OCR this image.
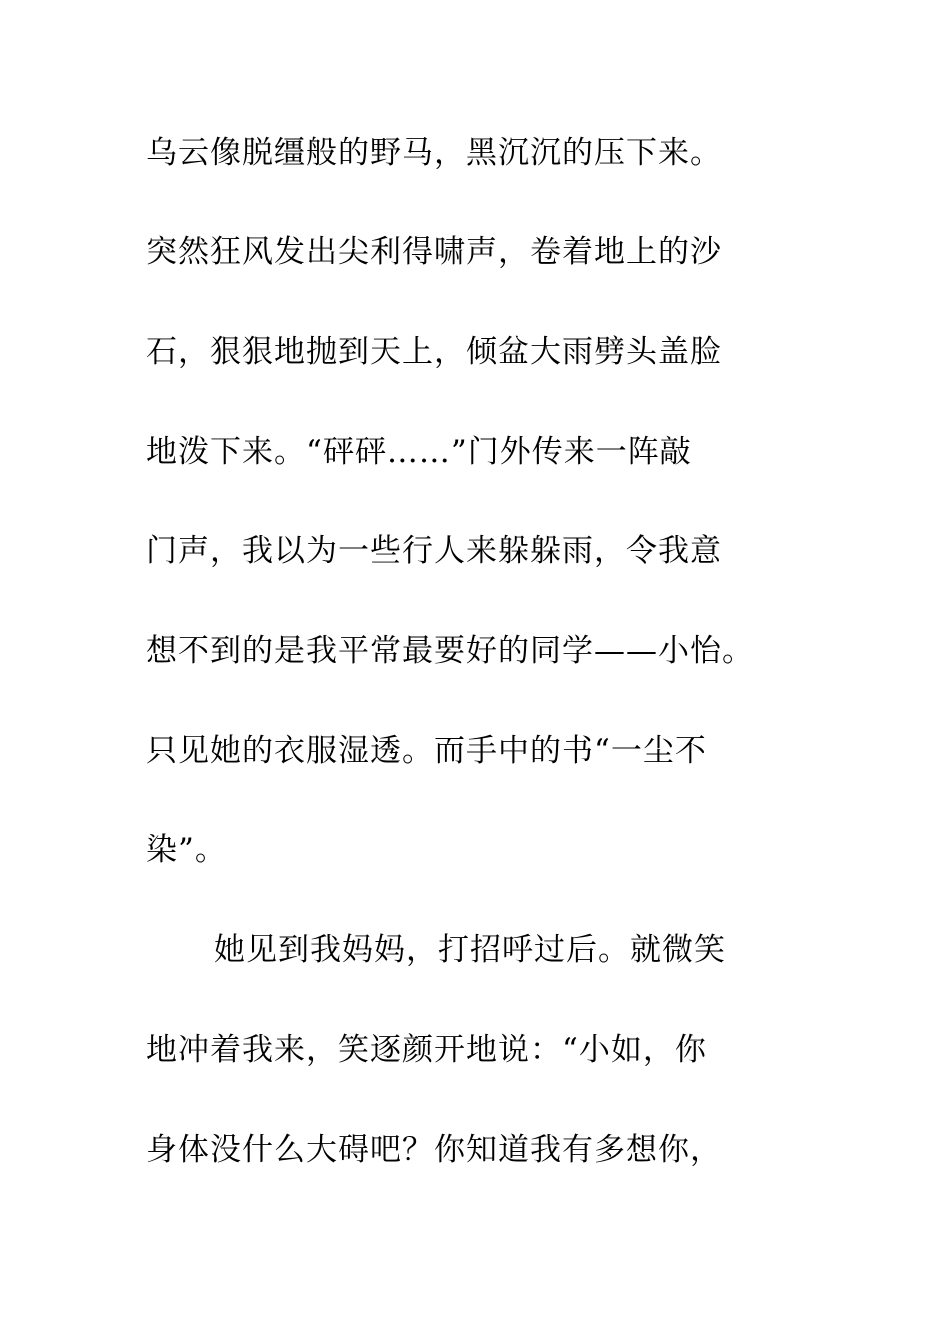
乌云像脱缰般的野马，黑沉沉的压下来。
突然狂风发出尖利得啸声，卷着地上的沙
石，狠狠地抛到天上，倾盆大雨劈头盖脸
地泼下来。“砰砰……”门外传来一阵敲
门声，我以为一些行人来躲躲雨，令我意
想不到的是我平常最要好的同学——小怡。
只见她的衣服湿透。而手中的书“一尘不
染”。
她见到我妈妈，打招呼过后。就微笑
地冲着我来，笑逐颜开地说：“小如，你
身体没什么大碍吧？你知道我有多想你，
